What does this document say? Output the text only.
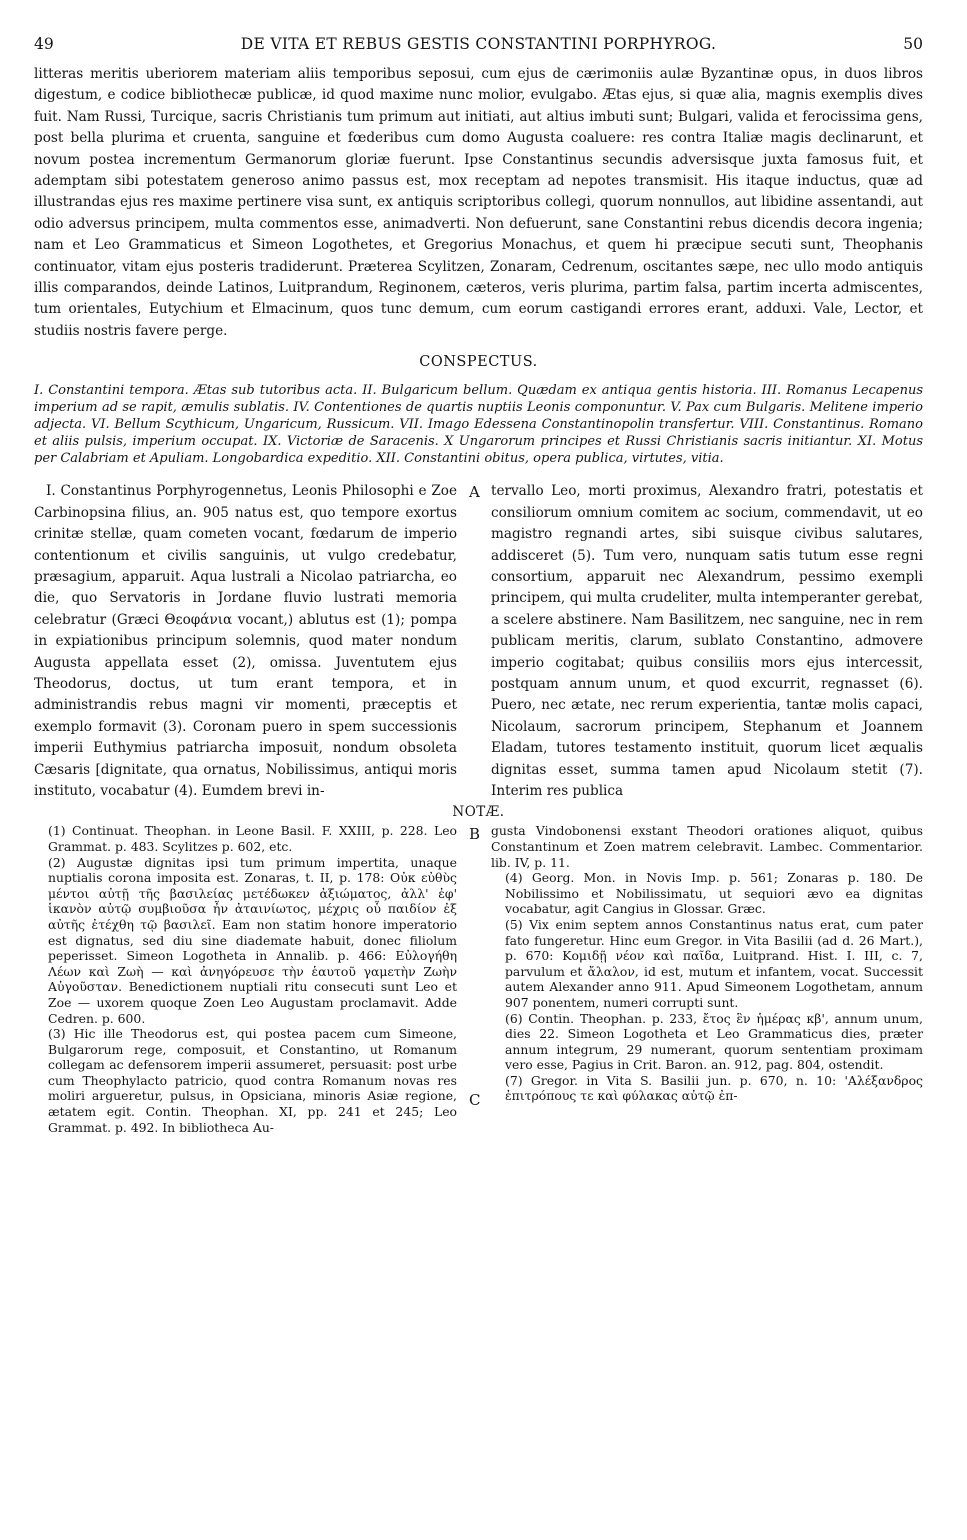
49	DE VITA ET REBUS GESTIS CONSTANTINI PORPHYROG.	50

litteras meritis uberiorem materiam aliis temporibus seposui, cum ejus de cærimoniis aulæ Byzantinæ opus, in duos libros digestum, e codice bibliothecæ publicæ, id quod maxime nunc molior, evulgabo. Ætas ejus, si quæ alia, magnis exemplis dives fuit. Nam Russi, Turcique, sacris Christianis tum primum aut initiati, aut altius imbuti sunt; Bulgari, valida et ferocissima gens, post bella plurima et cruenta, sanguine et fœderibus cum domo Augusta coaluere: res contra Italiæ magis declinarunt, et novum postea incrementum Germanorum gloriæ fuerunt. Ipse Constantinus secundis adversisque juxta famosus fuit, et ademptam sibi potestatem generoso animo passus est, mox receptam ad nepotes transmisit. His itaque inductus, quæ ad illustrandas ejus res maxime pertinere visa sunt, ex antiquis scriptoribus collegi, quorum nonnullos, aut libidine assentandi, aut odio adversus principem, multa commentos esse, animadverti. Non defuerunt, sane Constantini rebus dicendis decora ingenia; nam et Leo Grammaticus et Simeon Logothetes, et Gregorius Monachus, et quem hi præcipue secuti sunt, Theophanis continuator, vitam ejus posteris tradiderunt. Præterea Scylitzen, Zonaram, Cedrenum, oscitantes sæpe, nec ullo modo antiquis illis comparandos, deinde Latinos, Luitprandum, Reginonem, cæteros, veris plurima, partim falsa, partim incerta admiscentes, tum orientales, Eutychium et Elmacinum, quos tunc demum, cum eorum castigandi errores erant, adduxi. Vale, Lector, et studiis nostris favere perge.

CONSPECTUS.

I. Constantini tempora. Ætas sub tutoribus acta. II. Bulgaricum bellum. Quædam ex antiqua gentis historia. III. Romanus Lecapenus imperium ad se rapit, æmulis sublatis. IV. Contentiones de quartis nuptiis Leonis componuntur. V. Pax cum Bulgaris. Melitene imperio adjecta. VI. Bellum Scythicum, Ungaricum, Russicum. VII. Imago Edessena Constantinopolin transfertur. VIII. Constantinus. Romano et aliis pulsis, imperium occupat. IX. Victoriæ de Saracenis. X Ungarorum principes et Russi Christianis sacris initiantur. XI. Motus per Calabriam et Apuliam. Longobardica expeditio. XII. Constantini obitus, opera publica, virtutes, vitia.

I. Constantinus Porphyrogennetus, Leonis Philosophi e Zoe Carbinopsina filius, an. 905 natus est, quo tempore exortus crinitæ stellæ, quam cometen vocant, fœdarum de imperio contentionum et civilis sanguinis, ut vulgo credebatur, præsagium, apparuit. Aqua lustrali a Nicolao patriarcha, eo die, quo Servatoris in Jordane fluvio lustrati memoria celebratur (Græci Θεοφάνια vocant,) ablutus est (1); pompa in expiationibus principum solemnis, quod mater nondum Augusta appellata esset (2), omissa. Juventutem ejus Theodorus, doctus, ut tum erant tempora, et in administrandis rebus magni vir momenti, præceptis et exemplo formavit (3). Coronam puero in spem successionis imperii Euthymius patriarcha imposuit, nondum obsoleta Cæsaris [dignitate, qua ornatus, Nobilissimus, antiqui moris instituto, vocabatur (4). Eumdem brevi in-

tervallo Leo, morti proximus, Alexandro fratri, potestatis et consiliorum omnium comitem ac socium, commendavit, ut eo magistro regnandi artes, sibi suisque civibus salutares, addisceret (5). Tum vero, nunquam satis tutum esse regni consortium, apparuit nec Alexandrum, pessimo exempli principem, qui multa crudeliter, multa intemperanter gerebat, a scelere abstinere. Nam Basilitzem, nec sanguine, nec in rem publicam meritis, clarum, sublato Constantino, admovere imperio cogitabat; quibus consiliis mors ejus intercessit, postquam annum unum, et quod excurrit, regnasset (6). Puero, nec ætate, nec rerum experientia, tantæ molis capaci, Nicolaum, sacrorum principem, Stephanum et Joannem Eladam, tutores testamento instituit, quorum licet æqualis dignitas esset, summa tamen apud Nicolaum stetit (7). Interim res publica

A
B
NOTÆ.

(1) Continuat. Theophan. in Leone Basil. F. XXIII, p. 228. Leo Grammat. p. 483. Scylitzes p. 602, etc.

(2) Augustæ dignitas ipsi tum primum impertita, unaque nuptialis corona imposita est. Zonaras, t. II, p. 178: Οὐκ εὐθὺς μέντοι αὐτῇ τῆς βασιλείας μετέδωκεν ἀξιώματος, ἀλλ' ἐφ' ἱκανὸν αὐτῷ συμβιοῦσα ἦν ἀταινίωτος, μέχρις οὗ παιδίον ἐξ αὐτῆς ἐτέχθη τῷ βασιλεῖ. Eam non statim honore imperatorio est dignatus, sed diu sine diademate habuit, donec filiolum peperisset. Simeon Logotheta in Annalib. p. 466: Εὐλογήθη Λέων καὶ Ζωὴ — καὶ ἀνηγόρευσε τὴν ἑαυτοῦ γαμετὴν Ζωὴν Αὐγοῦσταν. Benedictionem nuptiali ritu consecuti sunt Leo et Zoe — uxorem quoque Zoen Leo Augustam proclamavit. Adde Cedren. p. 600.

(3) Hic ille Theodorus est, qui postea pacem cum Simeone, Bulgarorum rege, composuit, et Constantino, ut Romanum collegam ac defensorem imperii assumeret, persuasit: post urbe cum Theophylacto patricio, quod contra Romanum novas res moliri argueretur, pulsus, in Opsiciana, minoris Asiæ regione, ætatem egit. Contin. Theophan. XI, pp. 241 et 245; Leo Grammat. p. 492. In bibliotheca Au-

gusta Vindobonensi exstant Theodori orationes aliquot, quibus Constantinum et Zoen matrem celebravit. Lambec. Commentarior. lib. IV, p. 11.

(4) Georg. Mon. in Novis Imp. p. 561; Zonaras p. 180. De Nobilissimo et Nobilissimatu, ut sequiori ævo ea dignitas vocabatur, agit Cangius in Glossar. Græc.

(5) Vix enim septem annos Constantinus natus erat, cum pater fato fungeretur. Hinc eum Gregor. in Vita Basilii (ad d. 26 Mart.), p. 670: Κομιδῇ νέον καὶ παῖδα, Luitprand. Hist. I. III, c. 7, parvulum et ἄλαλον, id est, mutum et infantem, vocat. Successit autem Alexander anno 911. Apud Simeonem Logothetam, annum 907 ponentem, numeri corrupti sunt.

(6) Contin. Theophan. p. 233, ἔτος ἓν ἡμέρας κβ', annum unum, dies 22. Simeon Logotheta et Leo Grammaticus dies, præter annum integrum, 29 numerant, quorum sententiam proximam vero esse, Pagius in Crit. Baron. an. 912, pag. 804, ostendit.

(7) Gregor. in Vita S. Basilii jun. p. 670, n. 10: 'Αλέξανδρος ἐπιτρόπους τε καὶ φύλακας αὐτῷ ἐπ-

C
